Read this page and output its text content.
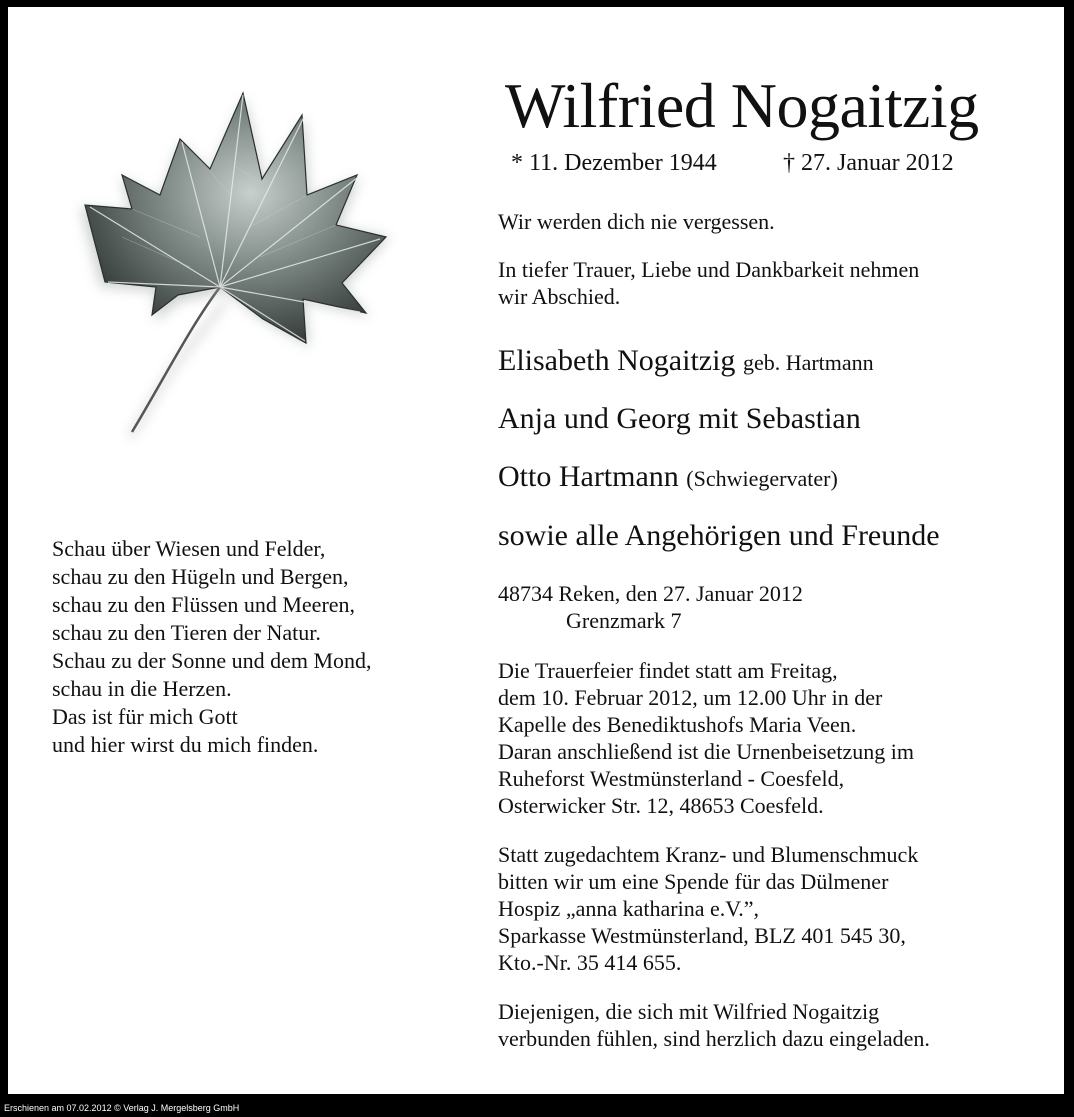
Wilfried Nogaitzig
* 11. Dezember 1944	† 27. Januar 2012
Wir werden dich nie vergessen.
In tiefer Trauer, Liebe und Dankbarkeit nehmen
wir Abschied.
Elisabeth Nogaitzig geb. Hartmann
Anja und Georg mit Sebastian
Otto Hartmann (Schwiegervater)
sowie alle Angehörigen und Freunde
48734 Reken, den 27. Januar 2012
Grenzmark 7
Die Trauerfeier findet statt am Freitag,
dem 10. Februar 2012, um 12.00 Uhr in der
Kapelle des Benediktushofs Maria Veen.
Daran anschließend ist die Urnenbeisetzung im
Ruheforst Westmünsterland - Coesfeld,
Osterwicker Str. 12, 48653 Coesfeld.
Statt zugedachtem Kranz- und Blumenschmuck
bitten wir um eine Spende für das Dülmener
Hospiz „anna katharina e.V.”,
Sparkasse Westmünsterland, BLZ 401 545 30,
Kto.-Nr. 35 414 655.
Diejenigen, die sich mit Wilfried Nogaitzig
verbunden fühlen, sind herzlich dazu eingeladen.
Schau über Wiesen und Felder,
schau zu den Hügeln und Bergen,
schau zu den Flüssen und Meeren,
schau zu den Tieren der Natur.
Schau zu der Sonne und dem Mond,
schau in die Herzen.
Das ist für mich Gott
und hier wirst du mich finden.
Erschienen am 07.02.2012 © Verlag J. Mergelsberg GmbH
